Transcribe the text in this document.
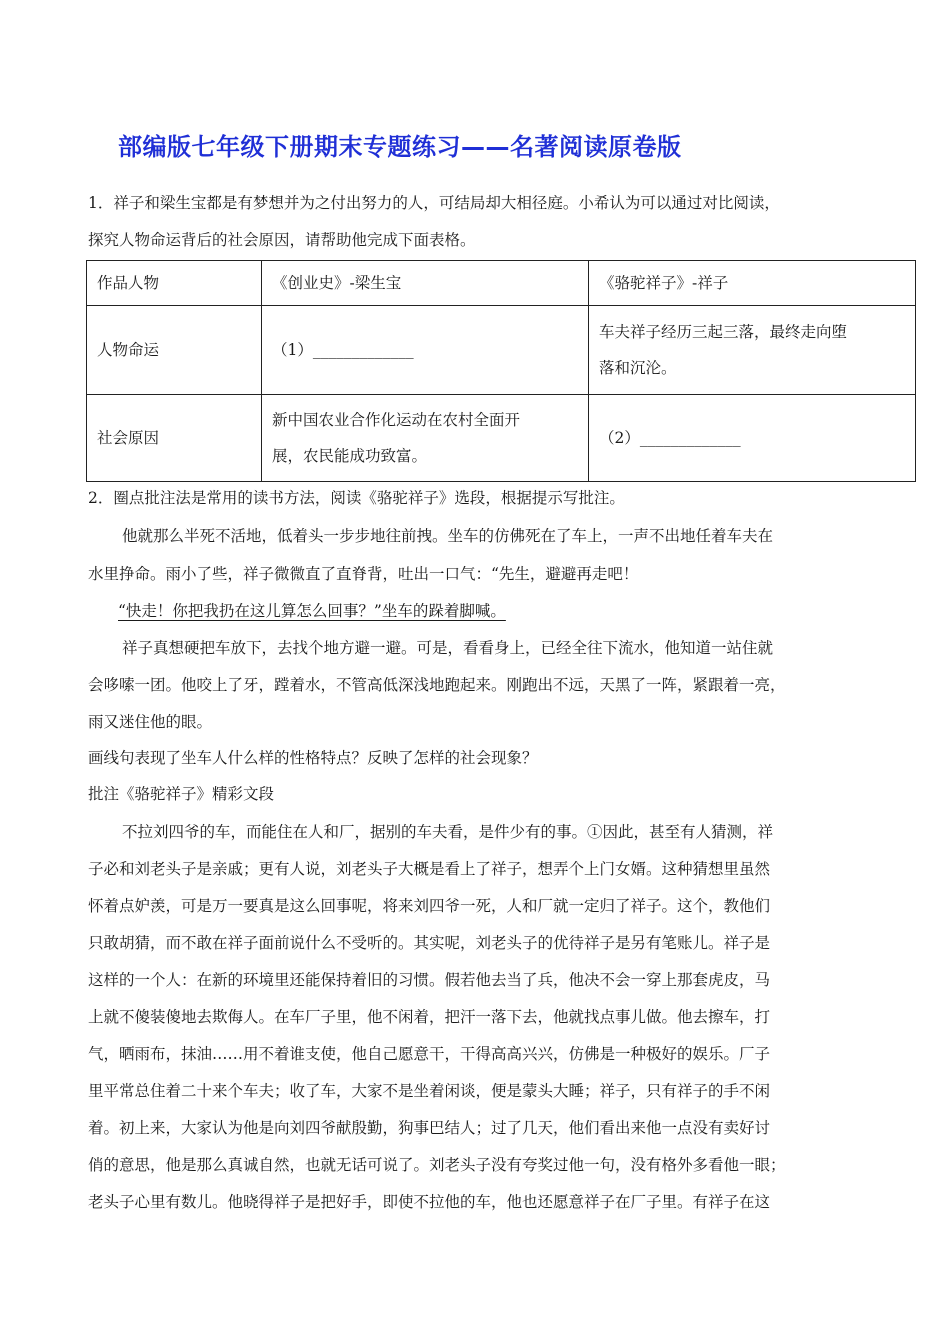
部编版七年级下册期末专题练习——名著阅读原卷版
1．祥子和梁生宝都是有梦想并为之付出努力的人，可结局却大相径庭。小希认为可以通过对比阅读，
探究人物命运背后的社会原因，请帮助他完成下面表格。
作品人物	《创业史》-梁生宝	《骆驼祥子》-祥子
人物命运	（1）_____________	车夫祥子经历三起三落，最终走向堕
落和沉沦。

社会原因	新中国农业合作化运动在农村全面开
展，农民能成功致富。	（2）_____________
2．圈点批注法是常用的读书方法，阅读《骆驼祥子》选段，根据提示写批注。
他就那么半死不活地，低着头一步步地往前拽。坐车的仿佛死在了车上，一声不出地任着车夫在
水里挣命。雨小了些，祥子微微直了直脊背，吐出一口气：“先生，避避再走吧！
“快走！你把我扔在这儿算怎么回事？”坐车的跺着脚喊。
祥子真想硬把车放下，去找个地方避一避。可是，看看身上，已经全往下流水，他知道一站住就
会哆嗦一团。他咬上了牙，蹚着水，不管高低深浅地跑起来。刚跑出不远，天黑了一阵，紧跟着一亮，
雨又迷住他的眼。
画线句表现了坐车人什么样的性格特点？反映了怎样的社会现象？
批注《骆驼祥子》精彩文段
不拉刘四爷的车，而能住在人和厂，据别的车夫看，是件少有的事。①因此，甚至有人猜测，祥
子必和刘老头子是亲戚；更有人说，刘老头子大概是看上了祥子，想弄个上门女婿。这种猜想里虽然
怀着点妒羡，可是万一要真是这么回事呢，将来刘四爷一死，人和厂就一定归了祥子。这个，教他们
只敢胡猜，而不敢在祥子面前说什么不受听的。其实呢，刘老头子的优待祥子是另有笔账儿。祥子是
这样的一个人：在新的环境里还能保持着旧的习惯。假若他去当了兵，他决不会一穿上那套虎皮，马
上就不傻装傻地去欺侮人。在车厂子里，他不闲着，把汗一落下去，他就找点事儿做。他去擦车，打
气，晒雨布，抹油……用不着谁支使，他自己愿意干，干得高高兴兴，仿佛是一种极好的娱乐。厂子
里平常总住着二十来个车夫；收了车，大家不是坐着闲谈，便是蒙头大睡；祥子，只有祥子的手不闲
着。初上来，大家认为他是向刘四爷献殷勤，狗事巴结人；过了几天，他们看出来他一点没有卖好讨
俏的意思，他是那么真诚自然，也就无话可说了。刘老头子没有夸奖过他一句，没有格外多看他一眼；
老头子心里有数儿。他晓得祥子是把好手，即使不拉他的车，他也还愿意祥子在厂子里。有祥子在这
